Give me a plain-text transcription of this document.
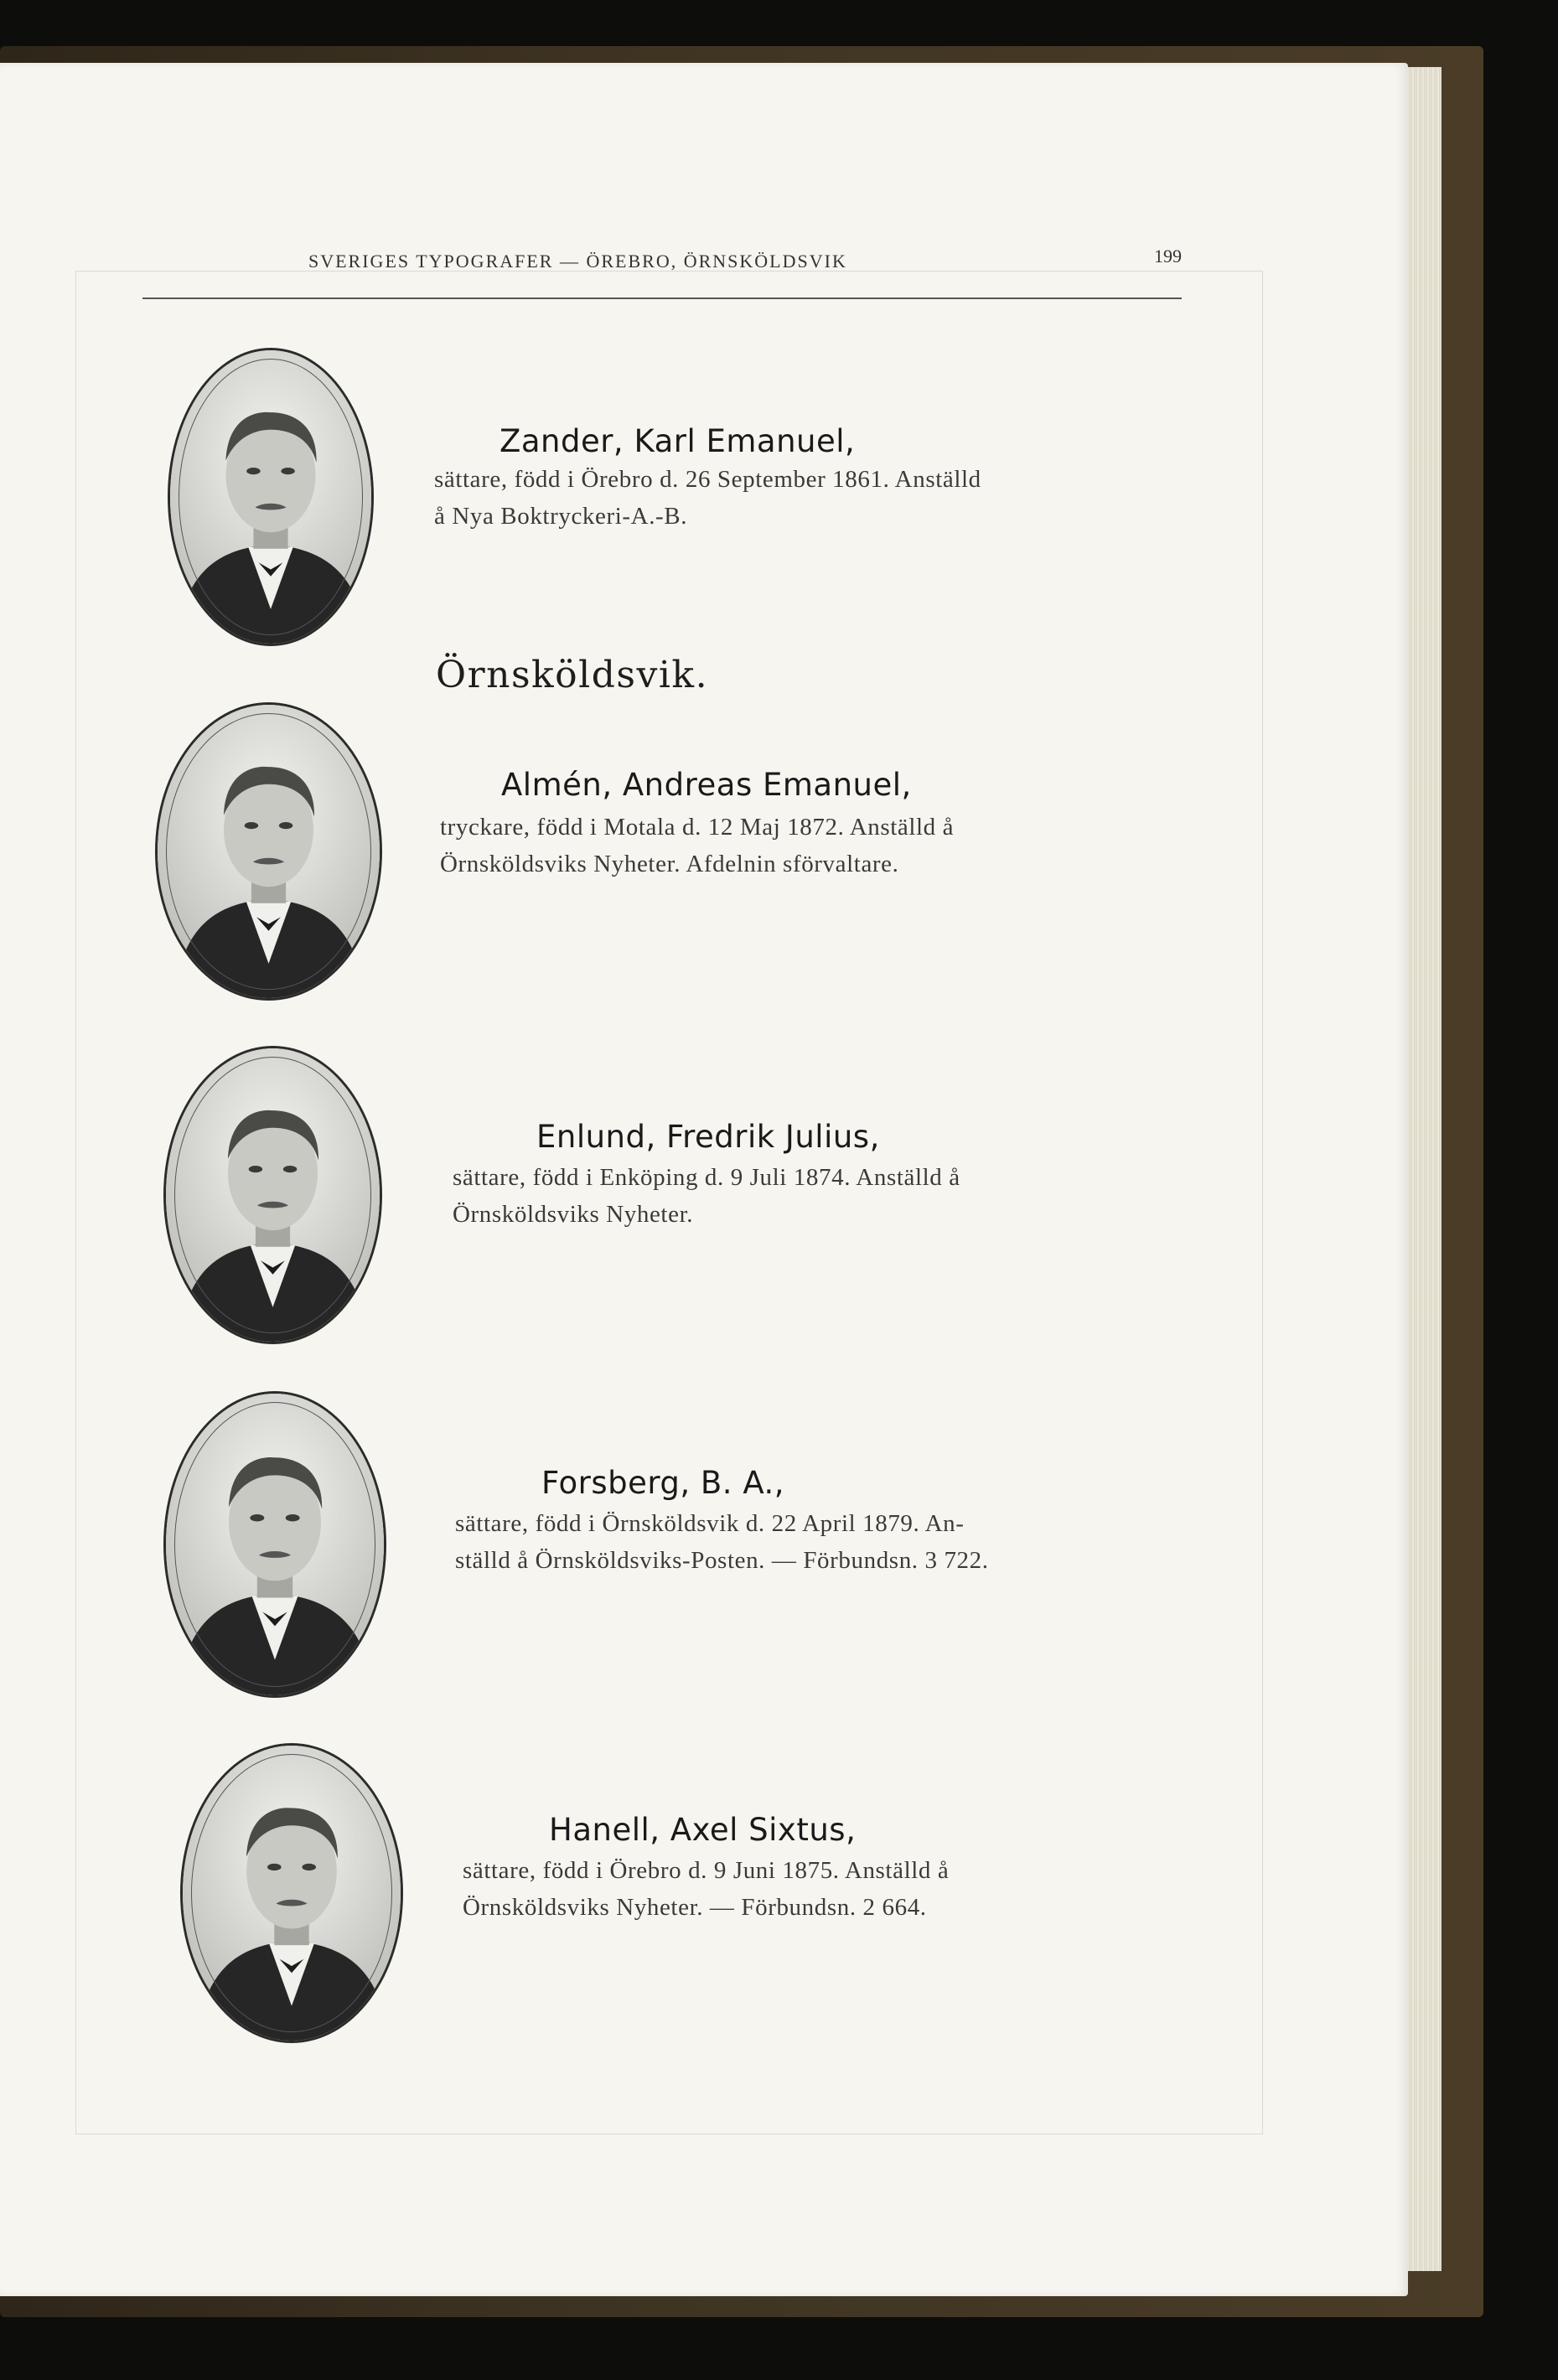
SVERIGES TYPOGRAFER — ÖREBRO, ÖRNSKÖLDSVIK	199
Zander, Karl Emanuel,

sättare, född i Örebro d. 26 September 1861. Anställd

å Nya Boktryckeri-A.-B.

Örnsköldsvik.
Almén, Andreas Emanuel,

tryckare, född i Motala d. 12 Maj 1872. Anställd å

Örnsköldsviks Nyheter. Afdelnin sförvaltare.

Enlund, Fredrik Julius,

sättare, född i Enköping d. 9 Juli 1874. Anställd å

Örnsköldsviks Nyheter.

Forsberg, B. A.,

sättare, född i Örnsköldsvik d. 22 April 1879. An-

ställd å Örnsköldsviks-Posten. — Förbundsn. 3 722.

Hanell, Axel Sixtus,

sättare, född i Örebro d. 9 Juni 1875. Anställd å

Örnsköldsviks Nyheter. — Förbundsn. 2 664.
